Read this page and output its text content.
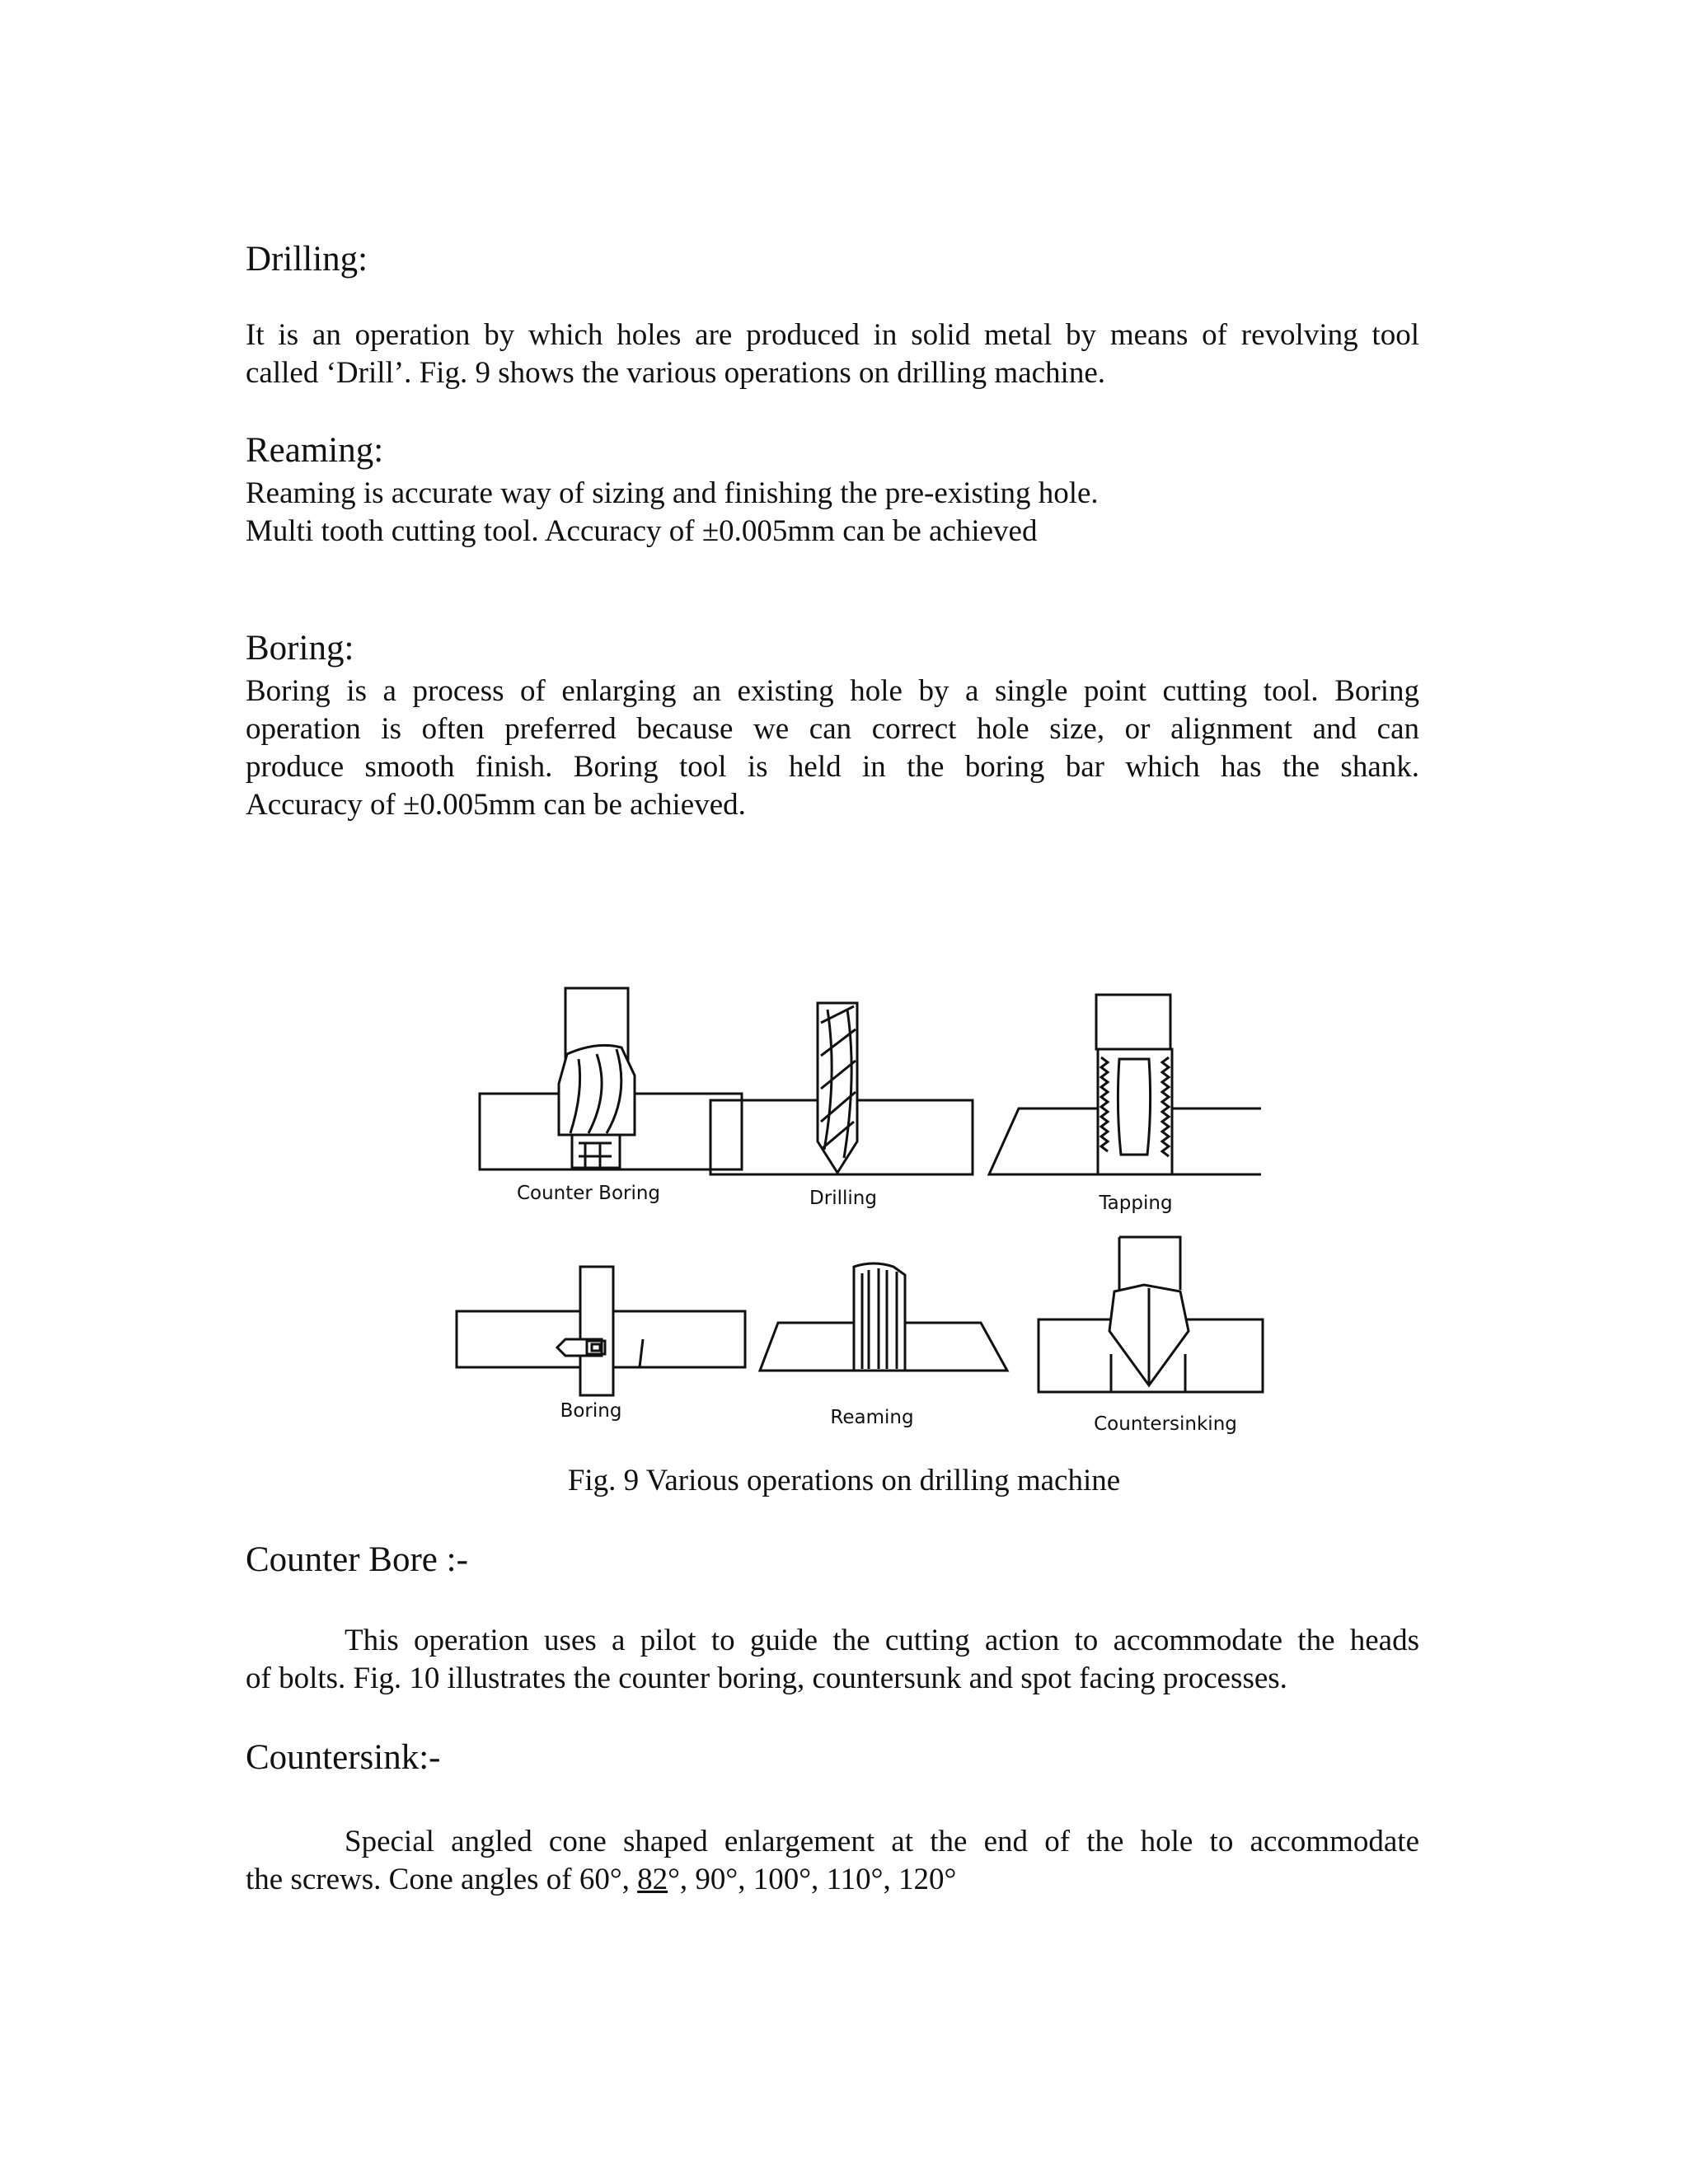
Drilling:

It is an operation by which holes are produced in solid metal by means of revolving tool
called ‘Drill’. Fig. 9 shows the various operations on drilling machine.

Reaming:

Reaming is accurate way of sizing and finishing the pre-existing hole.
Multi tooth cutting tool. Accuracy of ±0.005mm can be achieved

Boring:

Boring is a process of enlarging an existing hole by a single point cutting tool. Boring
operation is often preferred because we can correct hole size, or alignment and can
produce smooth finish. Boring tool is held in the boring bar which has the shank.
Accuracy of ±0.005mm can be achieved.

Counter Boring	Drilling	Tapping
Boring	Reaming	Countersinking

Fig. 9 Various operations on drilling machine

Counter Bore :-

This operation uses a pilot to guide the cutting action to accommodate the heads
of bolts. Fig. 10 illustrates the counter boring, countersunk and spot facing processes.

Countersink:-

Special angled cone shaped enlargement at the end of the hole to accommodate
the screws. Cone angles of 60°, 82°, 90°, 100°, 110°, 120°
